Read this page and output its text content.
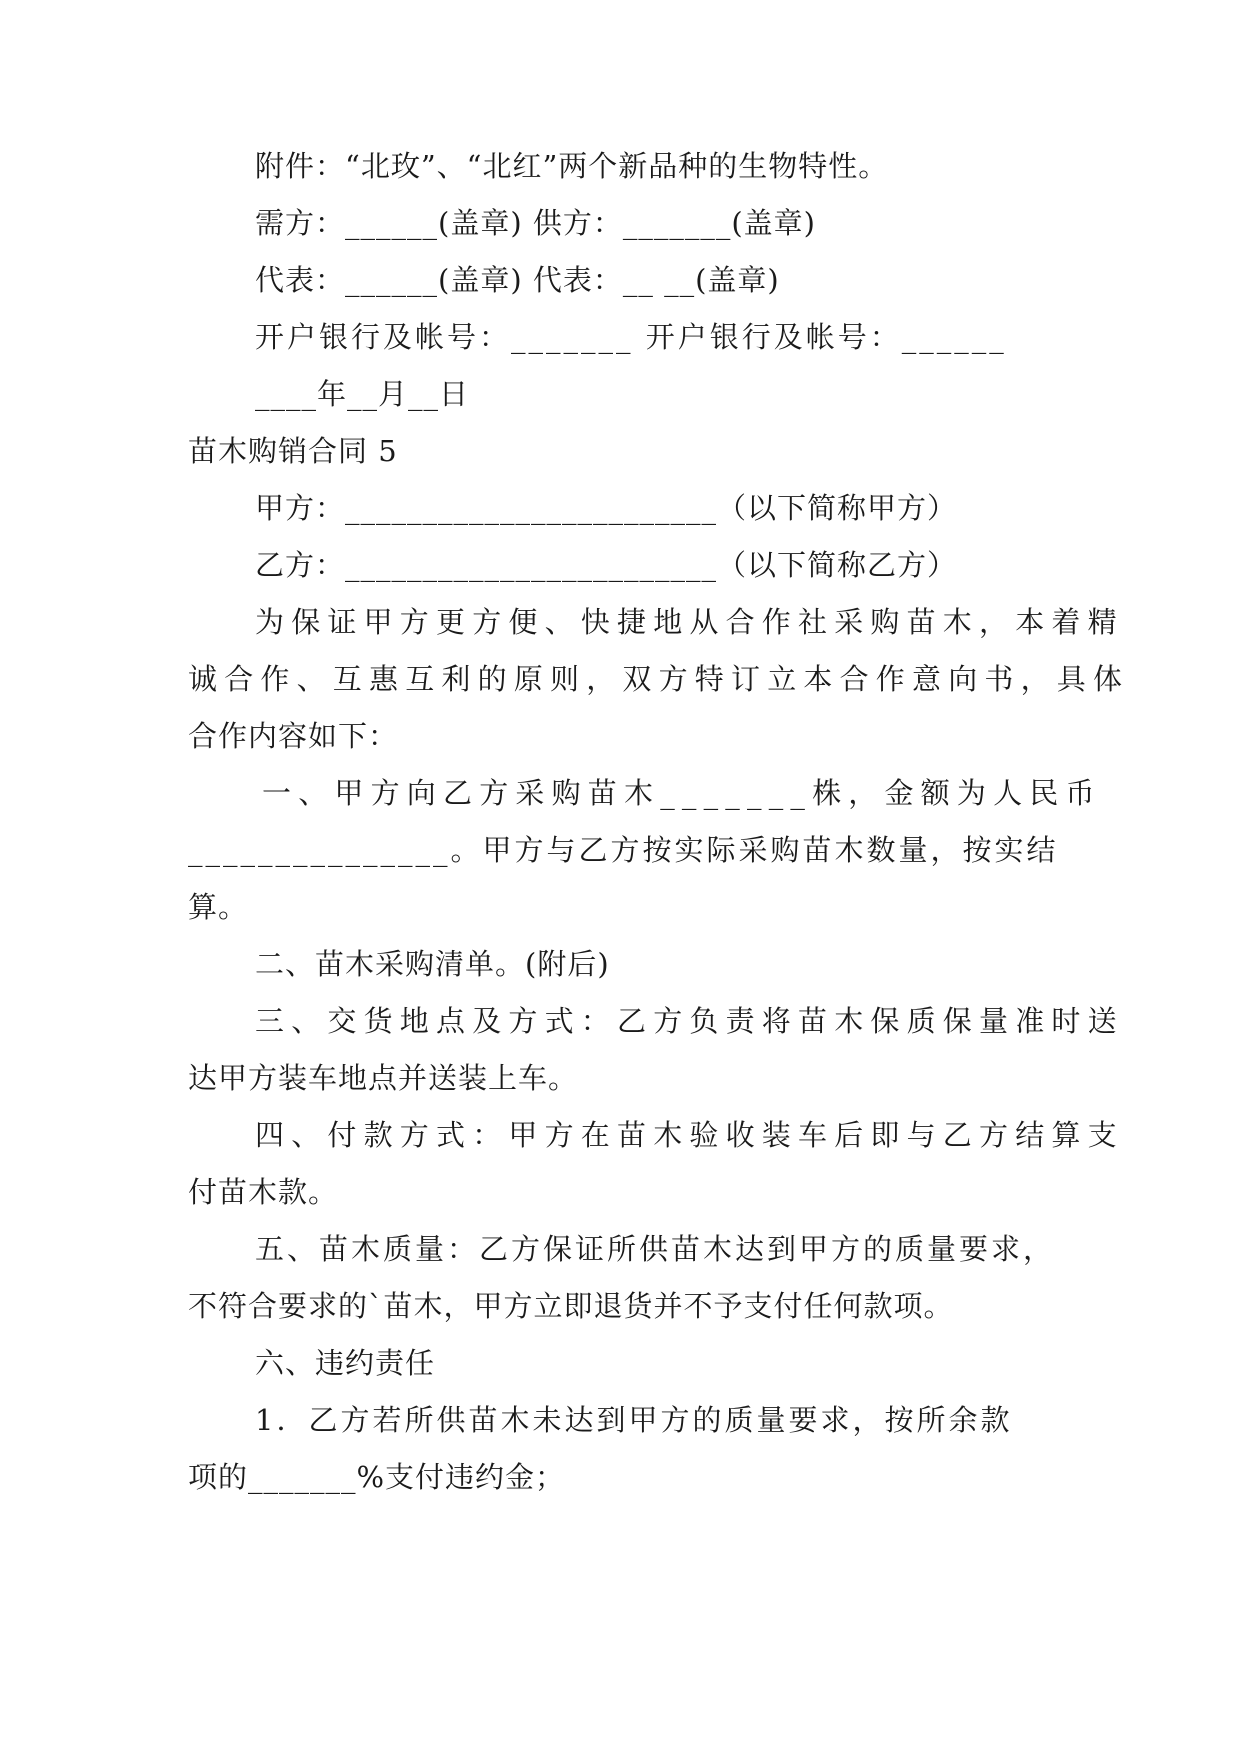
附件：“北玫”、“北红”两个新品种的生物特性。
需方：______(盖章) 供方：_______(盖章)
代表：______(盖章) 代表：__ __(盖章)
开户银行及帐号：_______ 开户银行及帐号：______
____年__月__日
苗木购销合同 5
甲方：________________________（以下简称甲方）
乙方：________________________（以下简称乙方）
为保证甲方更方便、快捷地从合作社采购苗木，本着精
诚合作、互惠互利的原则，双方特订立本合作意向书，具体
合作内容如下：
一、甲方向乙方采购苗木_______株，金额为人民币
_______________。甲方与乙方按实际采购苗木数量，按实结
算。
二、苗木采购清单。(附后)
三、交货地点及方式：乙方负责将苗木保质保量准时送
达甲方装车地点并送装上车。
四、付款方式：甲方在苗木验收装车后即与乙方结算支
付苗木款。
五、苗木质量：乙方保证所供苗木达到甲方的质量要求，
不符合要求的`苗木，甲方立即退货并不予支付任何款项。
六、违约责任
1．乙方若所供苗木未达到甲方的质量要求，按所余款
项的_______%支付违约金；
